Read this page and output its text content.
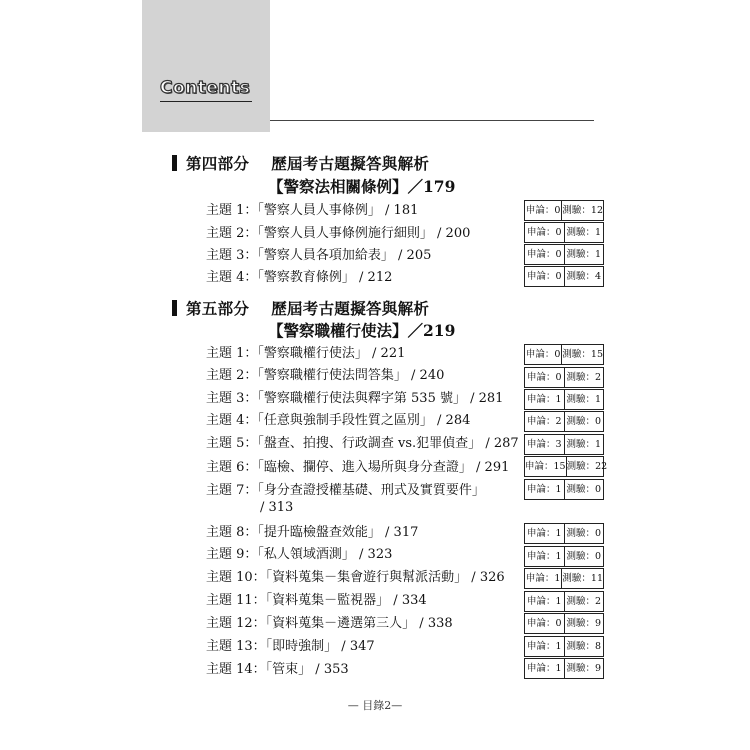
Contents
第四部分 歷屆考古題擬答與解析
【警察法相關條例】／179
主題 1：「警察人員人事條例」 / 181
主題 2：「警察人員人事條例施行細則」 / 200
主題 3：「警察人員各項加給表」 / 205
主題 4：「警察教育條例」 / 212
申論：0 測驗：12
申論：0 測驗：1
申論：0 測驗：1
申論：0 測驗：4
第五部分 歷屆考古題擬答與解析
【警察職權行使法】／219
主題 1：「警察職權行使法」 / 221
主題 2：「警察職權行使法問答集」 / 240
主題 3：「警察職權行使法與釋字第 535 號」 / 281
主題 4：「任意與強制手段性質之區別」 / 284
主題 5：「盤查、拍搜、行政調查 vs.犯罪偵查」 / 287
主題 6：「臨檢、攔停、進入場所與身分查證」 / 291
主題 7：「身分查證授權基礎、刑式及實質要件」
/ 313
主題 8：「提升臨檢盤查效能」 / 317
主題 9：「私人領域酒測」 / 323
主題 10：「資料蒐集－集會遊行與幫派活動」 / 326
主題 11：「資料蒐集－監視器」 / 334
主題 12：「資料蒐集－遴選第三人」 / 338
主題 13：「即時強制」 / 347
主題 14：「管束」 / 353
申論：0 測驗：15
申論：0 測驗：2
申論：1 測驗：1
申論：2 測驗：0
申論：3 測驗：1
申論：15 測驗：22
申論：1 測驗：0
申論：1 測驗：0
申論：1 測驗：0
申論：1 測驗：11
申論：1 測驗：2
申論：0 測驗：9
申論：1 測驗：8
申論：1 測驗：9
— 目錄2—
